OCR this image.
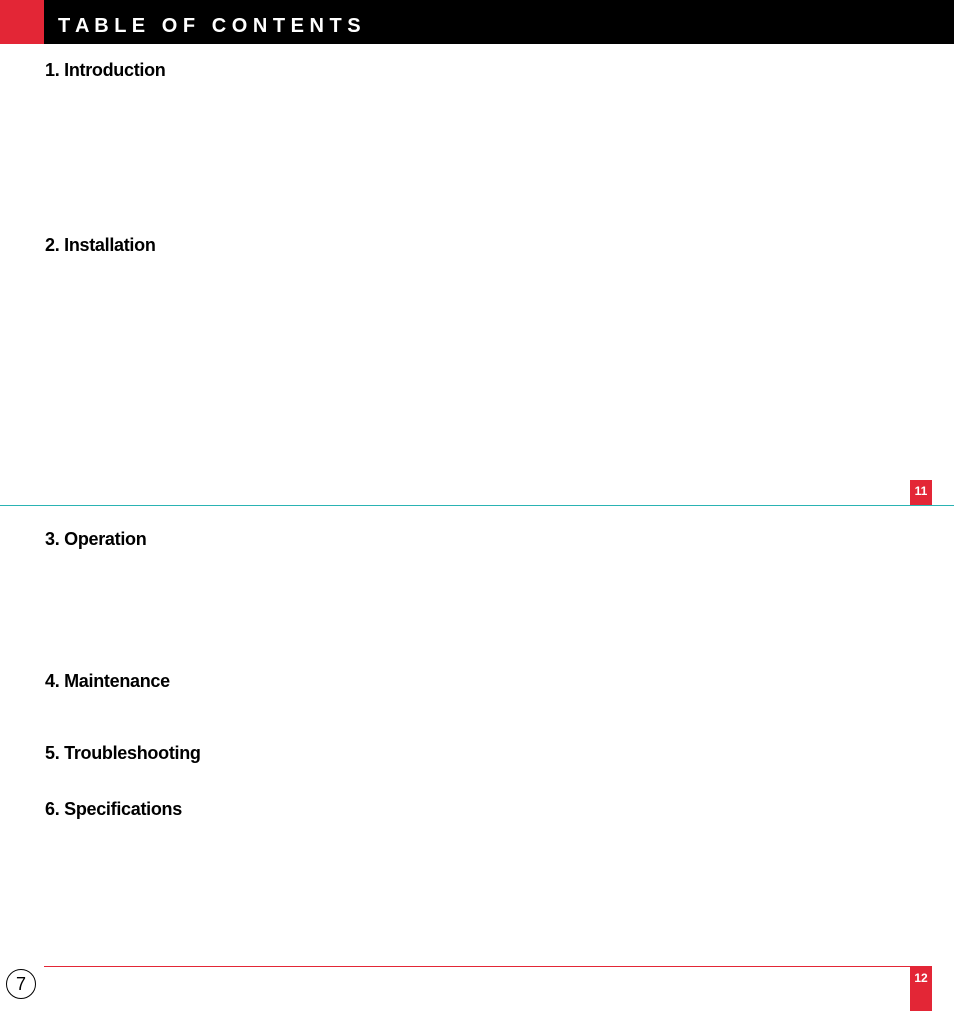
T A B L E   O F   C O N T E N T S
1. Introduction
2. Installation
11
3. Operation
4. Maintenance
5. Troubleshooting
6. Specifications
7	12
